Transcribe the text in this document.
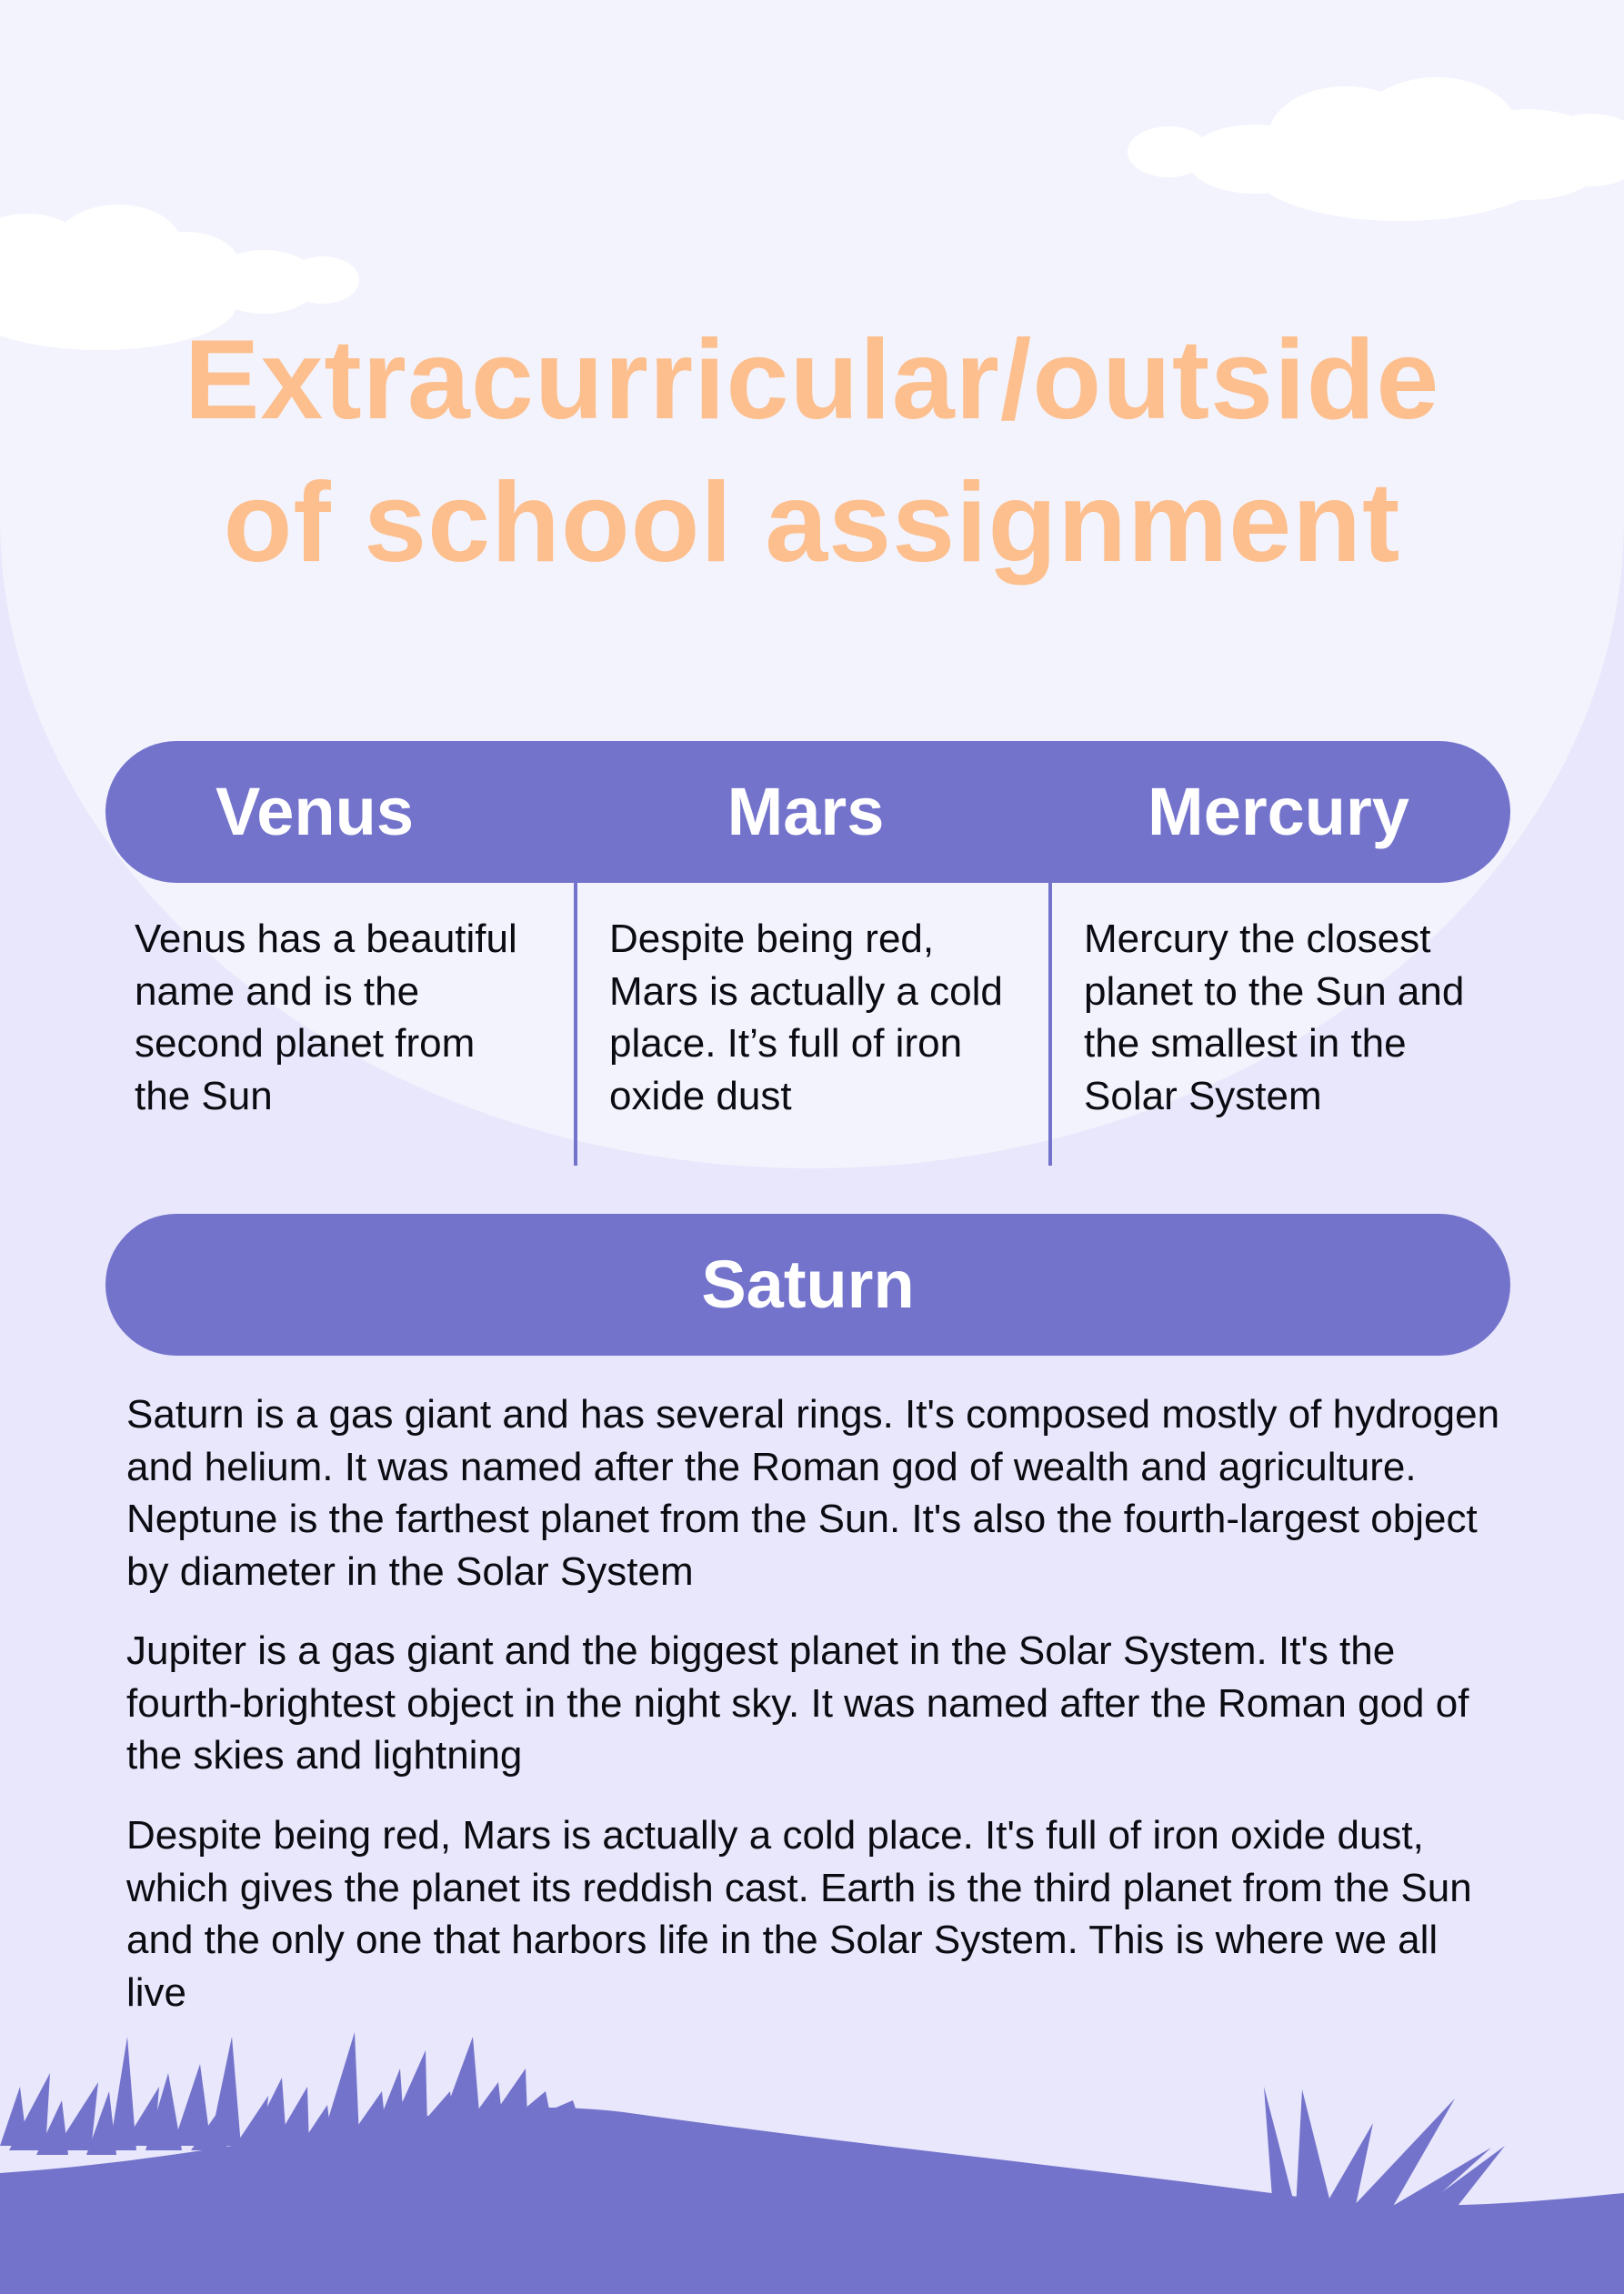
Extracurricular/outside
of school assignment
Venus	Mars	Mercury
Venus has a beautiful name and is the second planet from the Sun
Despite being red, Mars is actually a cold place. It’s full of iron oxide dust
Mercury the closest planet to the Sun and the smallest in the Solar System
Saturn

Saturn is a gas giant and has several rings. It's composed mostly of hydrogen and helium. It was named after the Roman god of wealth and agriculture. Neptune is the farthest planet from the Sun. It's also the fourth-largest object by diameter in the Solar System

Jupiter is a gas giant and the biggest planet in the Solar System. It's the fourth-brightest object in the night sky. It was named after the Roman god of the skies and lightning

Despite being red, Mars is actually a cold place. It's full of iron oxide dust, which gives the planet its reddish cast. Earth is the third planet from the Sun and the only one that harbors life in the Solar System. This is where we all live
